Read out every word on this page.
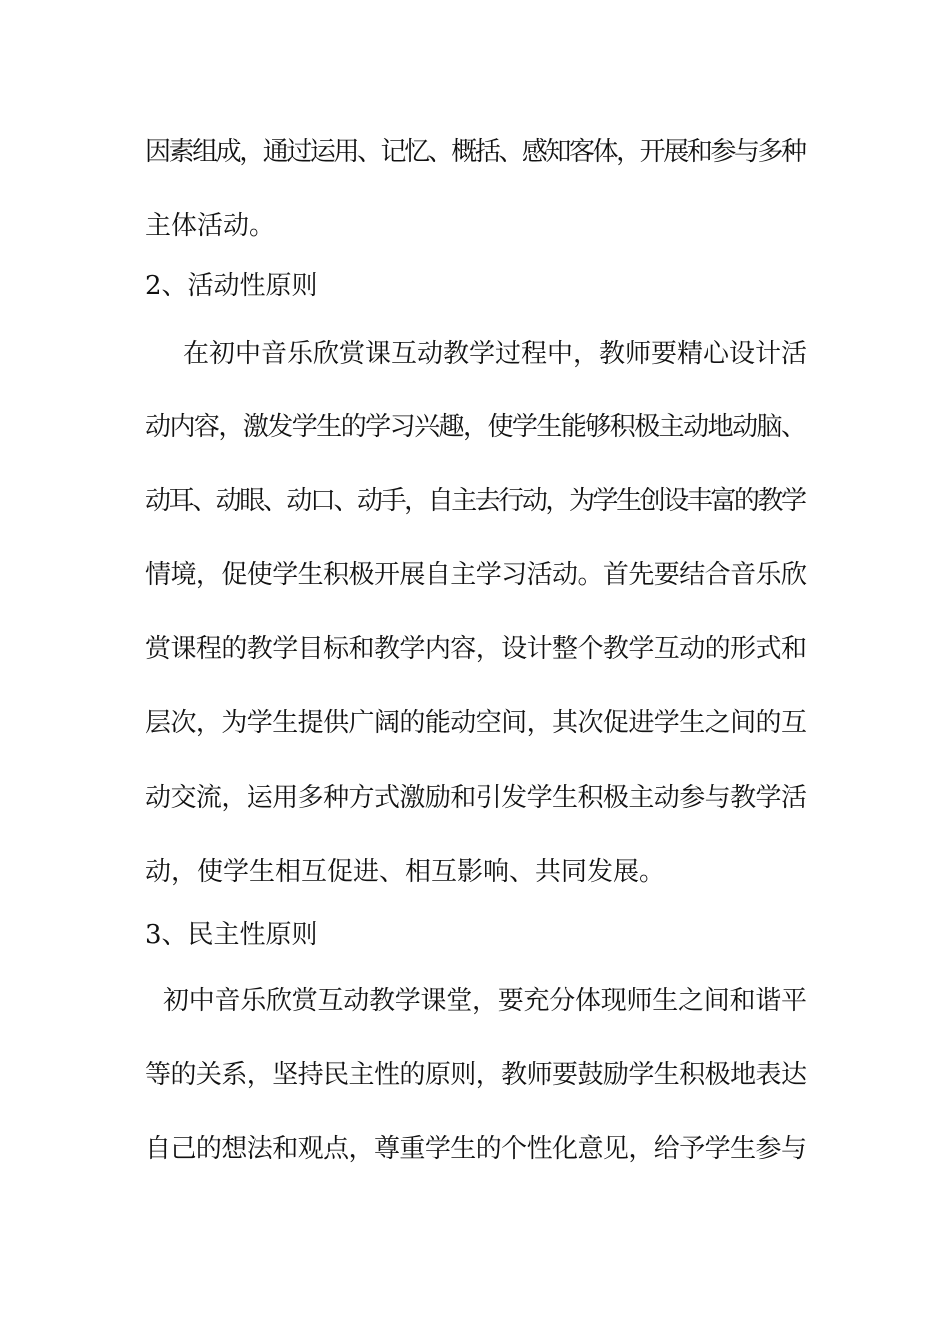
因素组成，通过运用、记忆、概括、感知客体，开展和参与多种
主体活动。
2、活动性原则
在初中音乐欣赏课互动教学过程中，教师要精心设计活
动内容，激发学生的学习兴趣，使学生能够积极主动地动脑、
动耳、动眼、动口、动手，自主去行动，为学生创设丰富的教学
情境，促使学生积极开展自主学习活动。首先要结合音乐欣
赏课程的教学目标和教学内容，设计整个教学互动的形式和
层次，为学生提供广阔的能动空间，其次促进学生之间的互
动交流，运用多种方式激励和引发学生积极主动参与教学活
动，使学生相互促进、相互影响、共同发展。
3、民主性原则
初中音乐欣赏互动教学课堂，要充分体现师生之间和谐平
等的关系，坚持民主性的原则，教师要鼓励学生积极地表达
自己的想法和观点，尊重学生的个性化意见，给予学生参与
